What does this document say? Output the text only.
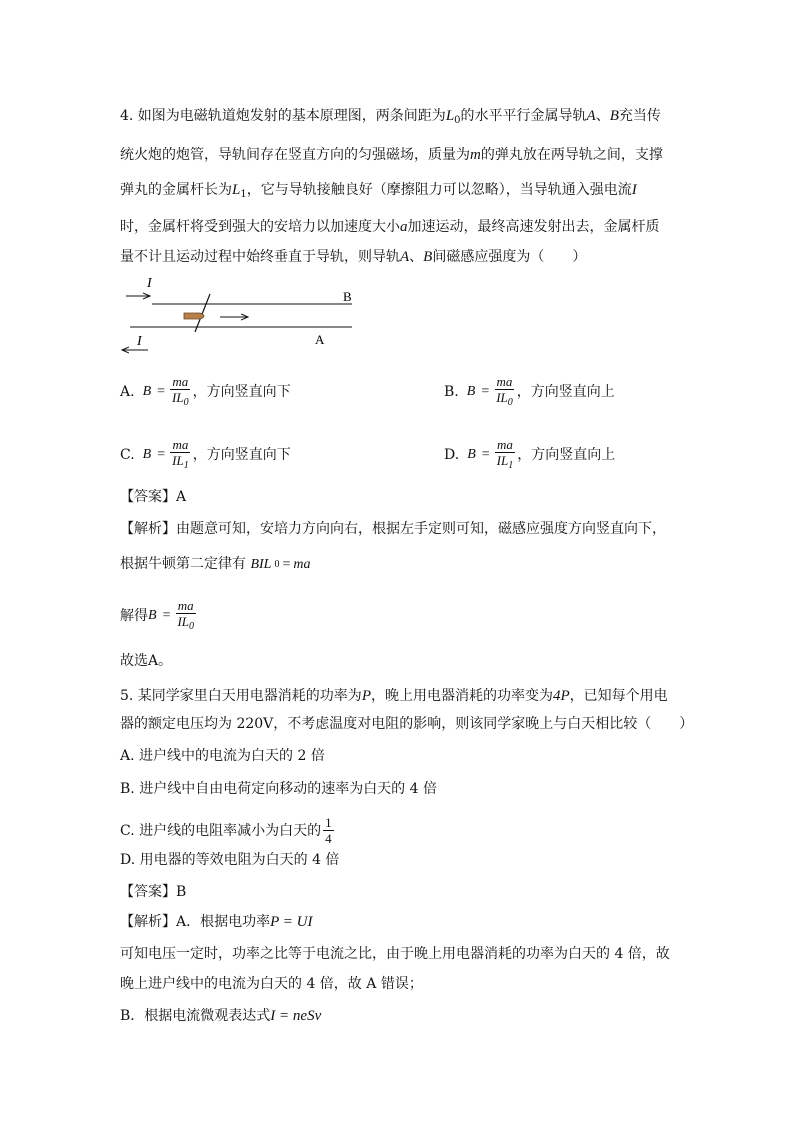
4. 如图为电磁轨道炮发射的基本原理图，两条间距为$L_0$的水平平行金属导轨A、B充当传
统火炮的炮管，导轨间存在竖直方向的匀强磁场，质量为m的弹丸放在两导轨之间，支撑
弹丸的金属杆长为$L_1$，它与导轨接触良好（摩擦阻力可以忽略），当导轨通入强电流I
时，金属杆将受到强大的安培力以加速度大小a加速运动，最终高速发射出去，金属杆质
量不计且运动过程中始终垂直于导轨，则导轨A、B间磁感应强度为（　　）
I
B
A
I
A. $B = \frac{ma}{IL_0}$ ，方向竖直向下	B. $B = \frac{ma}{IL_0}$ ，方向竖直向上
C. $B = \frac{ma}{IL_1}$ ，方向竖直向下	D. $B = \frac{ma}{IL_1}$ ，方向竖直向上
【答案】A
【解析】由题意可知，安培力方向向右，根据左手定则可知，磁感应强度方向竖直向下，
根据牛顿第二定律有 BIL 0 = ma
解得 $B = \frac{ma}{IL_0}$
故选A。
5. 某同学家里白天用电器消耗的功率为P，晚上用电器消耗的功率变为4P，已知每个用电
器的额定电压均为 220V，不考虑温度对电阻的影响，则该同学家晚上与白天相比较（　　）
A. 进户线中的电流为白天的 2 倍
B. 进户线中自由电荷定向移动的速率为白天的 4 倍
C. 进户线的电阻率减小为白天的 $\frac{1}{4}$
D. 用电器的等效电阻为白天的 4 倍
【答案】B
【解析】A．根据电功率P = UI
可知电压一定时，功率之比等于电流之比，由于晚上用电器消耗的功率为白天的 4 倍，故
晚上进户线中的电流为白天的 4 倍，故 A 错误；
B．根据电流微观表达式I = neSv
